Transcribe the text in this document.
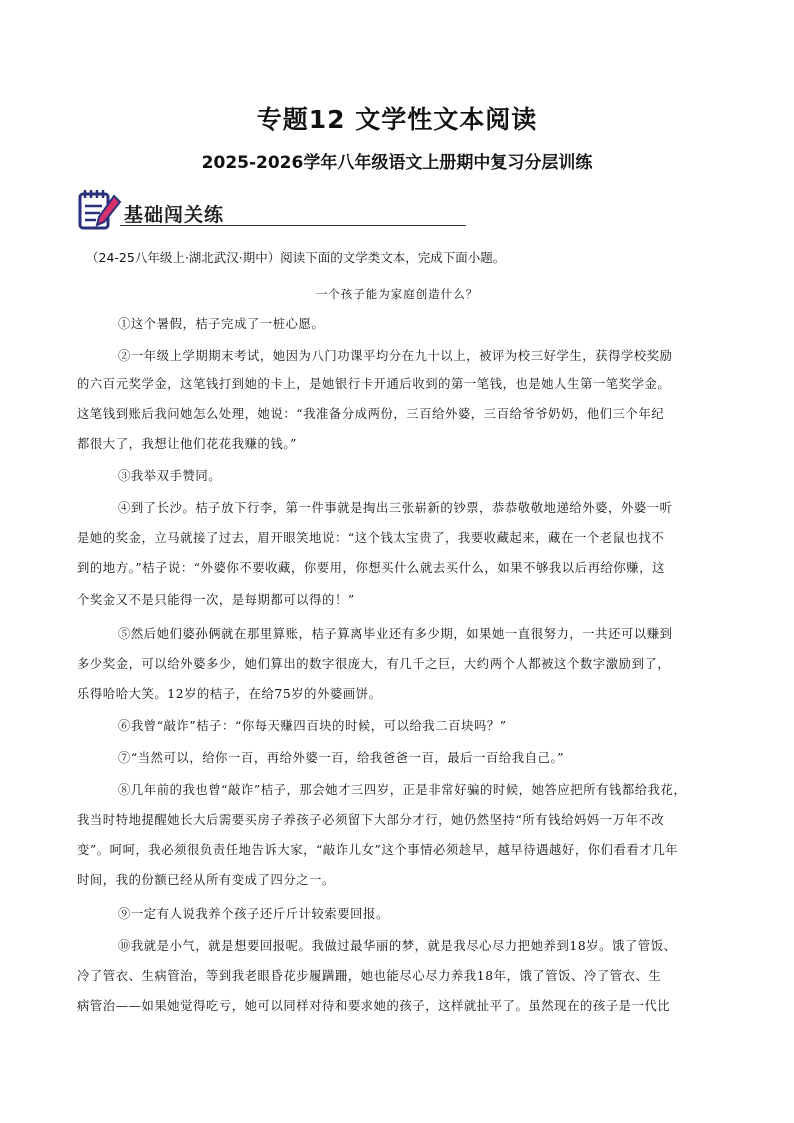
专题12 文学性文本阅读
2025-2026学年八年级语文上册期中复习分层训练
基础闯关练
（24-25八年级上·湖北武汉·期中）阅读下面的文学类文本，完成下面小题。
一个孩子能为家庭创造什么？
①这个暑假，桔子完成了一桩心愿。
②一年级上学期期末考试，她因为八门功课平均分在九十以上，被评为校三好学生，获得学校奖励
的六百元奖学金，这笔钱打到她的卡上，是她银行卡开通后收到的第一笔钱，也是她人生第一笔奖学金。
这笔钱到账后我问她怎么处理，她说：“我准备分成两份，三百给外婆，三百给爷爷奶奶，他们三个年纪
都很大了，我想让他们花花我赚的钱。”
③我举双手赞同。
④到了长沙。桔子放下行李，第一件事就是掏出三张崭新的钞票，恭恭敬敬地递给外婆，外婆一听
是她的奖金，立马就接了过去，眉开眼笑地说：“这个钱太宝贵了，我要收藏起来，藏在一个老鼠也找不
到的地方。”桔子说：“外婆你不要收藏，你要用，你想买什么就去买什么，如果不够我以后再给你赚，这
个奖金又不是只能得一次，是每期都可以得的！”
⑤然后她们婆孙俩就在那里算账，桔子算离毕业还有多少期，如果她一直很努力，一共还可以赚到
多少奖金，可以给外婆多少，她们算出的数字很庞大，有几千之巨，大约两个人都被这个数字激励到了，
乐得哈哈大笑。12岁的桔子，在给75岁的外婆画饼。
⑥我曾“敲诈”桔子：“你每天赚四百块的时候，可以给我二百块吗？”
⑦“当然可以，给你一百，再给外婆一百，给我爸爸一百，最后一百给我自己。”
⑧几年前的我也曾“敲诈”桔子，那会她才三四岁，正是非常好骗的时候，她答应把所有钱都给我花，
我当时特地提醒她长大后需要买房子养孩子必须留下大部分才行，她仍然坚持“所有钱给妈妈一万年不改
变”。呵呵，我必须很负责任地告诉大家，“敲诈儿女”这个事情必须趁早，越早待遇越好，你们看看才几年
时间，我的份额已经从所有变成了四分之一。
⑨一定有人说我养个孩子还斤斤计较索要回报。
⑩我就是小气，就是想要回报呢。我做过最华丽的梦，就是我尽心尽力把她养到18岁。饿了管饭、
冷了管衣、生病管治，等到我老眼昏花步履蹒跚，她也能尽心尽力养我18年，饿了管饭、冷了管衣、生
病管治——如果她觉得吃亏，她可以同样对待和要求她的孩子，这样就扯平了。虽然现在的孩子是一代比
